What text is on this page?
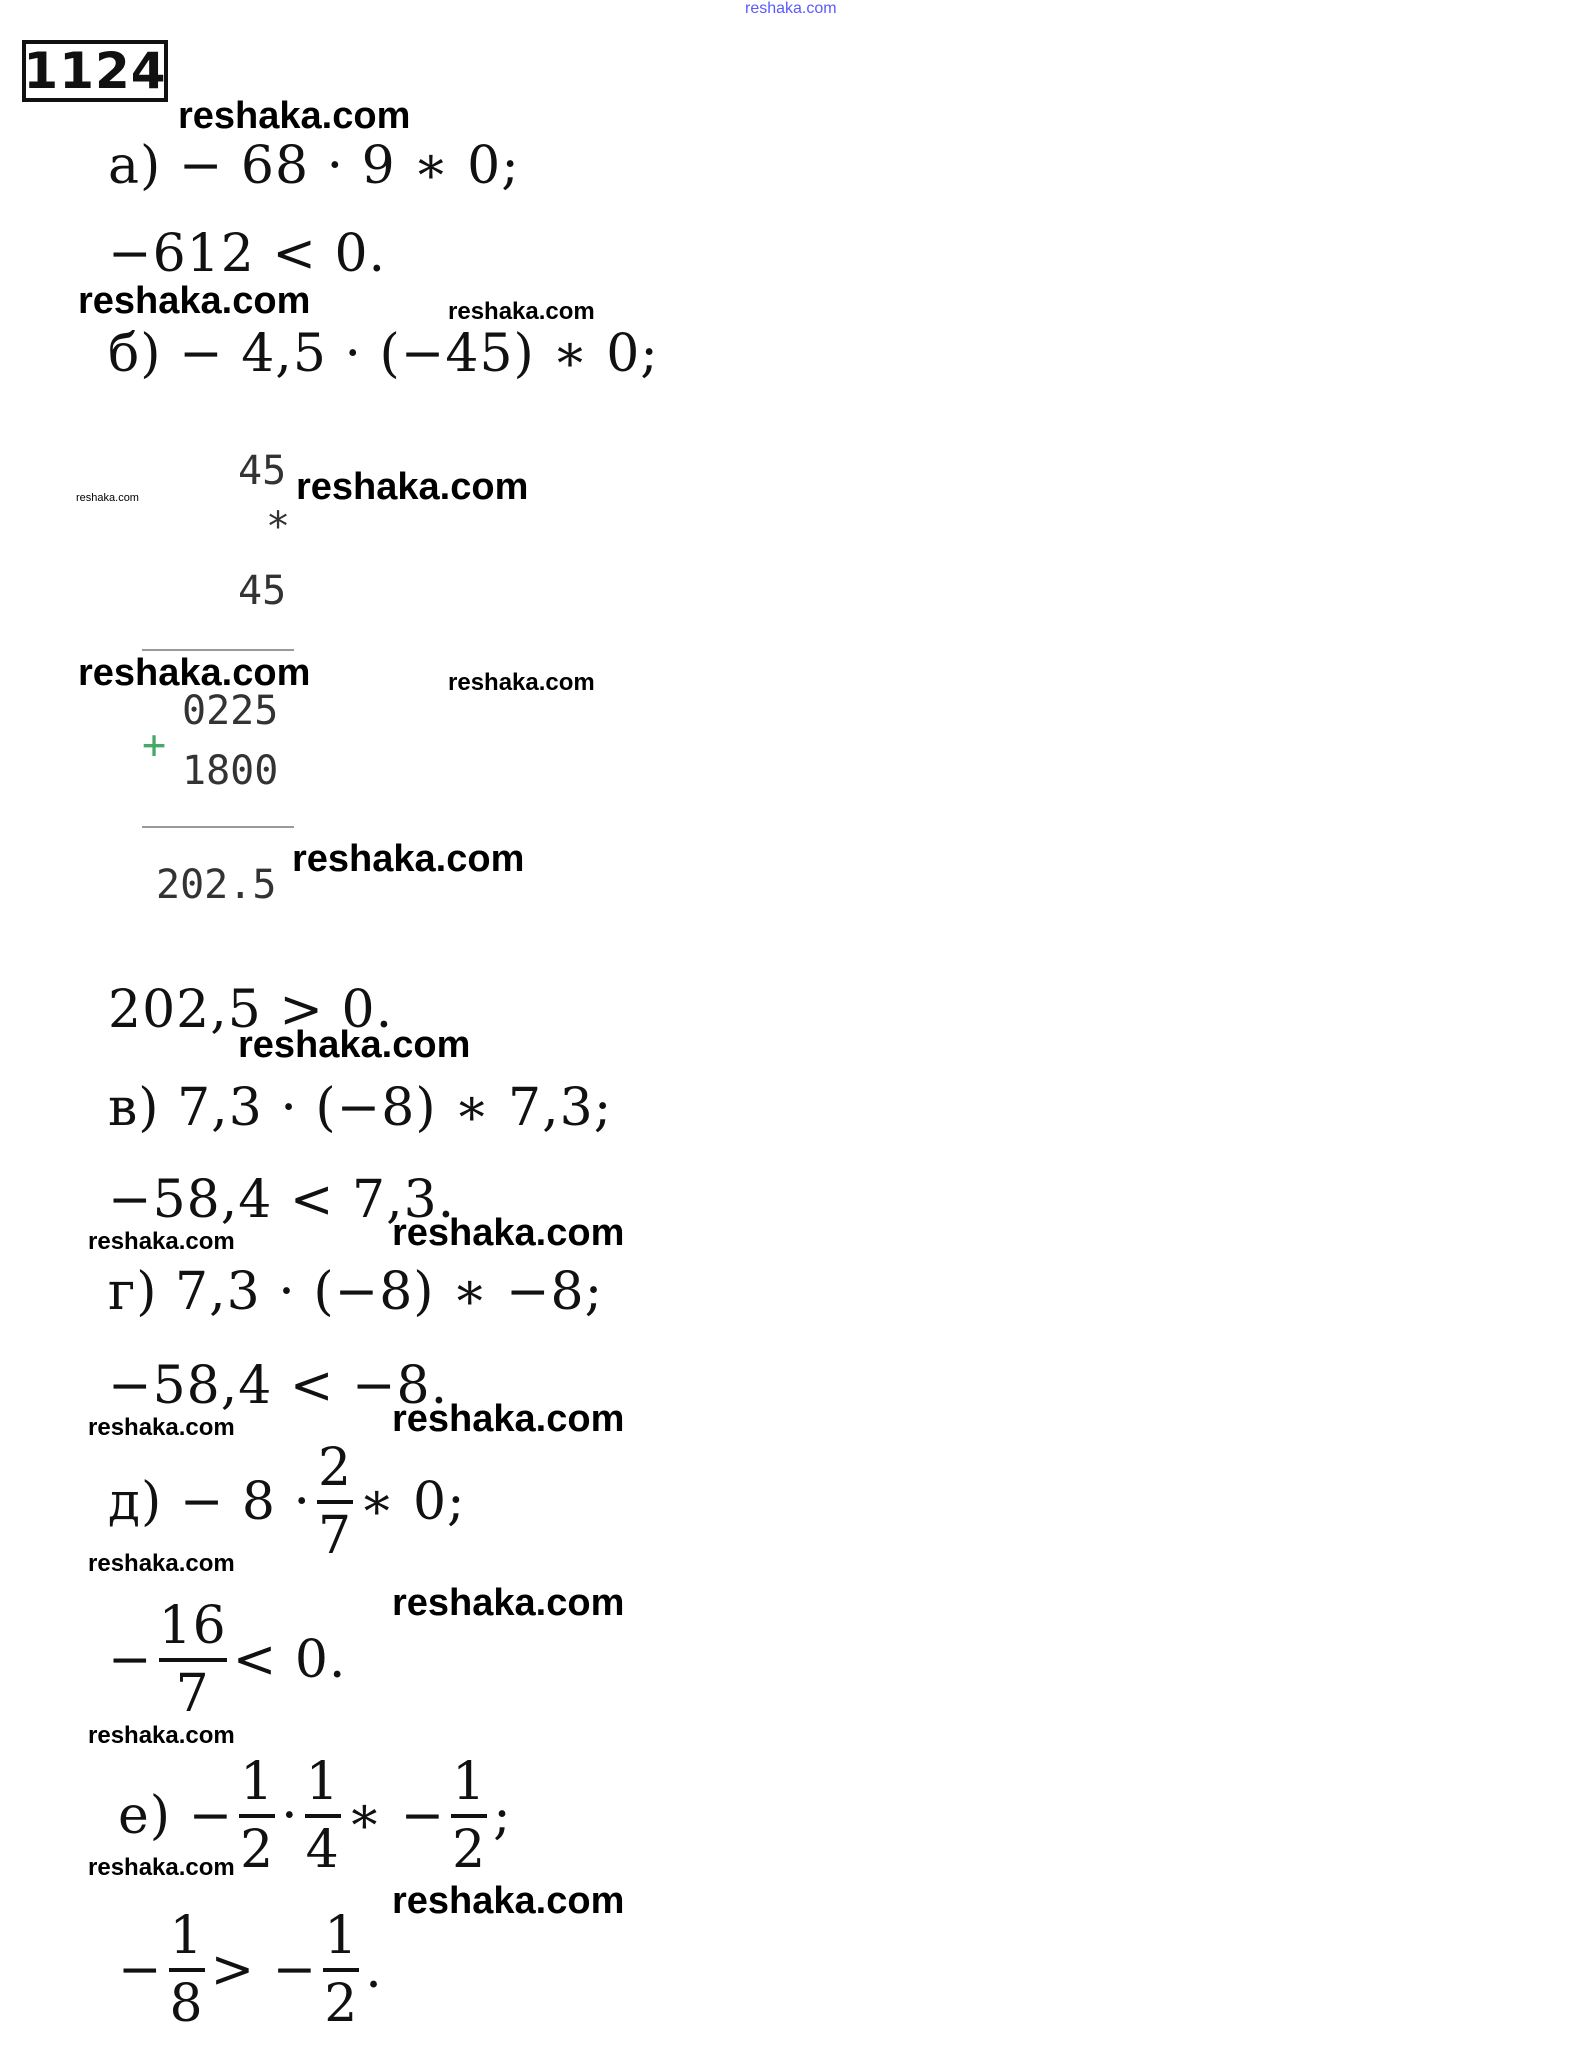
reshaka.com
1124
reshaka.com
а) − 68 · 9 ∗ 0;
−612 < 0.
reshaka.com	reshaka.com
б) − 4,5 · (−45) ∗ 0;
reshaka.com
45 reshaka.com
*
45
reshaka.com	reshaka.com
0225
+
1800
202.5
reshaka.com
202,5 > 0.
reshaka.com
в) 7,3 · (−8) ∗ 7,3;
−58,4 < 7,3.
reshaka.com	reshaka.com
г) 7,3 · (−8) ∗ −8;
−58,4 < −8.
reshaka.com	reshaka.com
$д) - 8 \cdot \frac{2}{7}$ ∗ 0;
reshaka.com
reshaka.com
− $\frac{16}{7} < 0$.
reshaka.com
$е) - \frac{1}{2} \cdot \frac{1}{4}$ ∗ − $\frac{1}{2}$ ;
reshaka.com
reshaka.com
− $\frac{1}{8}$ > − $\frac{1}{2}$ .
